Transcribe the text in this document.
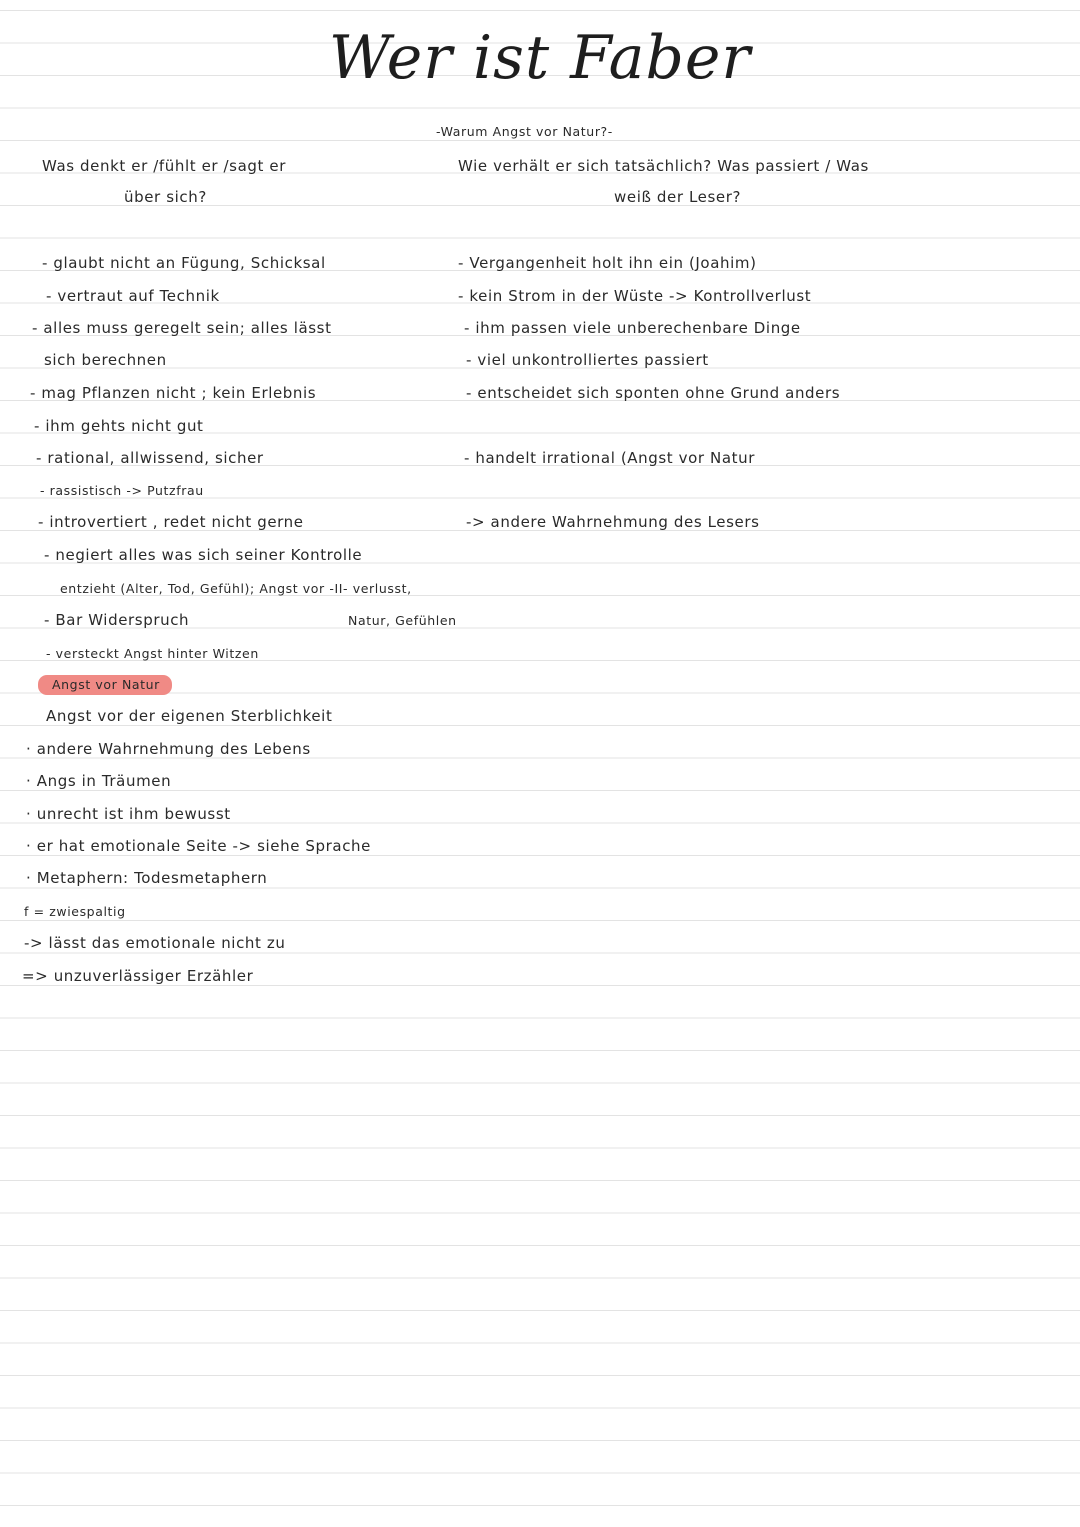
Wer ist Faber
-Warum Angst vor Natur?-
Was denkt er /fühlt er /sagt er
über sich?
- glaubt nicht an Fügung, Schicksal
- vertraut auf Technik
- alles muss geregelt sein; alles lässt
sich berechnen
- mag Pflanzen nicht ; kein Erlebnis
- ihm gehts nicht gut
- rational, allwissend, sicher
- rassistisch -> Putzfrau
- introvertiert , redet nicht gerne
- negiert alles was sich seiner Kontrolle
entzieht (Alter, Tod, Gefühl); Angst vor -II- verlusst,
Natur, Gefühlen
- Bar Widerspruch
- versteckt Angst hinter Witzen
Angst vor Natur
Angst vor der eigenen Sterblichkeit
· andere Wahrnehmung des Lebens
· Angs in Träumen
· unrecht ist ihm bewusst
· er hat emotionale Seite -> siehe Sprache
· Metaphern: Todesmetaphern
f = zwiespaltig
-> lässt das emotionale nicht zu
=> unzuverlässiger Erzähler
Wie verhält er sich tatsächlich? Was passiert / Was
weiß der Leser?
- Vergangenheit holt ihn ein (Joahim)
- kein Strom in der Wüste -> Kontrollverlust
- ihm passen viele unberechenbare Dinge
- viel unkontrolliertes passiert
- entscheidet sich sponten ohne Grund anders
- handelt irrational (Angst vor Natur
-> andere Wahrnehmung des Lesers
